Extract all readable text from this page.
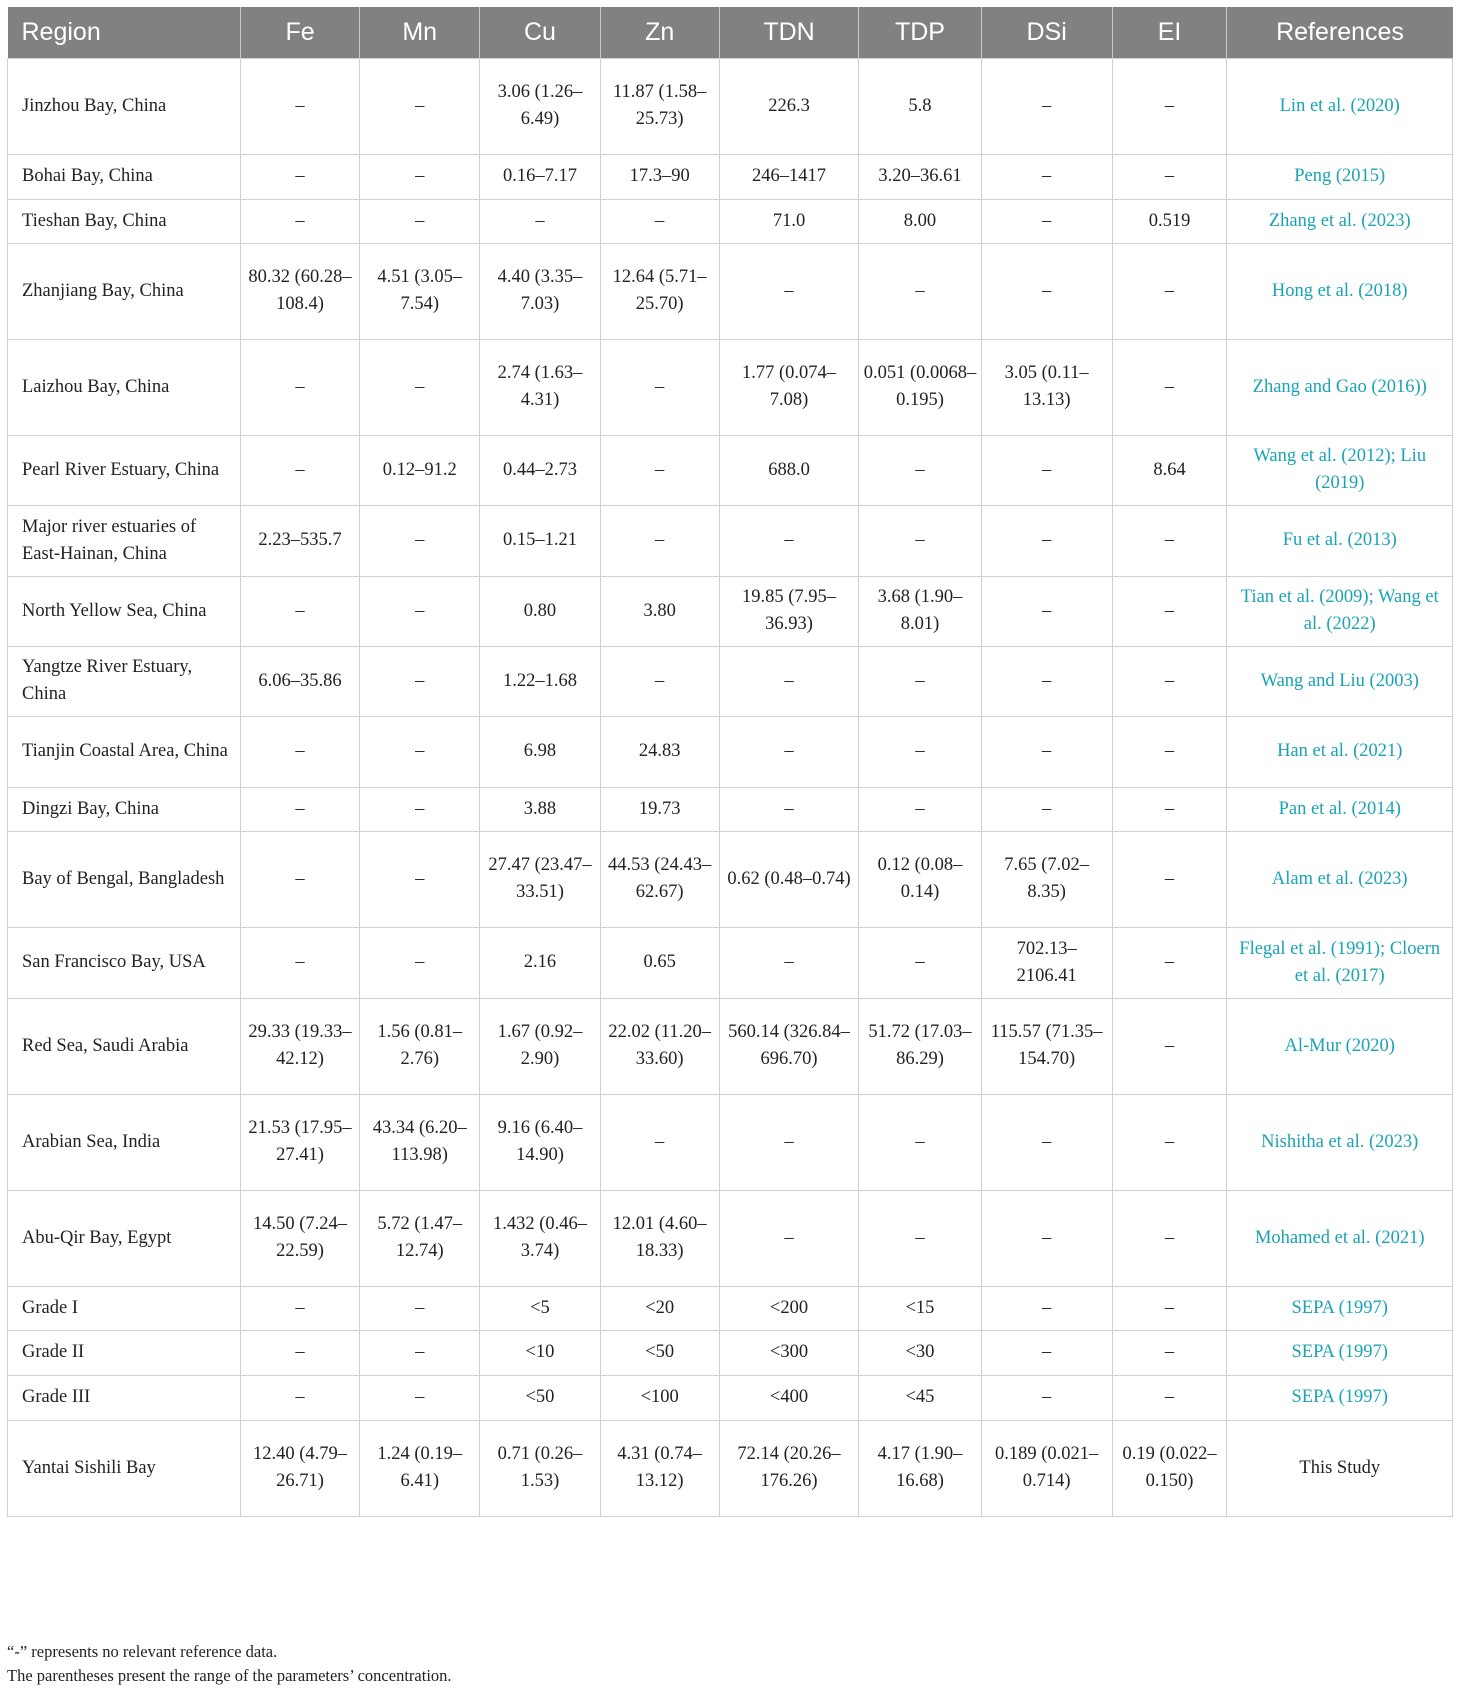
Region	Fe	Mn	Cu	Zn	TDN	TDP	DSi	EI	References
Jinzhou Bay, China	–	–	3.06 (1.26–6.49)	11.87 (1.58– 25.73)	226.3	5.8	–	–	Lin et al. (2020)
Bohai Bay, China	–	–	0.16–7.17	17.3–90	246–1417	3.20–36.61	–	–	Peng (2015)
Tieshan Bay, China	–	–	–	–	71.0	8.00	–	0.519	Zhang et al. (2023)
Zhanjiang Bay, China	80.32 (60.28– 108.4)	4.51 (3.05–7.54)	4.40 (3.35–7.03)	12.64 (5.71– 25.70)	–	–	–	–	Hong et al. (2018)
Laizhou Bay, China	–	–	2.74 (1.63–4.31)	–	1.77 (0.074–7.08)	0.051 (0.0068– 0.195)	3.05 (0.11–13.13)	–	Zhang and Gao (2016))
Pearl River Estuary, China	–	0.12–91.2	0.44–2.73	–	688.0	–	–	8.64	Wang et al. (2012); Liu (2019)
Major river estuaries of East-Hainan, China	2.23–535.7	–	0.15–1.21	–	–	–	–	–	Fu et al. (2013)
North Yellow Sea, China	–	–	0.80	3.80	19.85 (7.95–36.93)	3.68 (1.90–8.01)	–	–	Tian et al. (2009); Wang et al. (2022)
Yangtze River Estuary, China	6.06–35.86	–	1.22–1.68	–	–	–	–	–	Wang and Liu (2003)
Tianjin Coastal Area, China	–	–	6.98	24.83	–	–	–	–	Han et al. (2021)
Dingzi Bay, China	–	–	3.88	19.73	–	–	–	–	Pan et al. (2014)
Bay of Bengal, Bangladesh	–	–	27.47 (23.47– 33.51)	44.53 (24.43– 62.67)	0.62 (0.48–0.74)	0.12 (0.08–0.14)	7.65 (7.02–8.35)	–	Alam et al. (2023)
San Francisco Bay, USA	–	–	2.16	0.65	–	–	702.13– 2106.41	–	Flegal et al. (1991); Cloern et al. (2017)
Red Sea, Saudi Arabia	29.33 (19.33– 42.12)	1.56 (0.81–2.76)	1.67 (0.92–2.90)	22.02 (11.20– 33.60)	560.14 (326.84– 696.70)	51.72 (17.03– 86.29)	115.57 (71.35– 154.70)	–	Al-Mur (2020)
Arabian Sea, India	21.53 (17.95– 27.41)	43.34 (6.20– 113.98)	9.16 (6.40– 14.90)	–	–	–	–	–	Nishitha et al. (2023)
Abu-Qir Bay, Egypt	14.50 (7.24– 22.59)	5.72 (1.47– 12.74)	1.432 (0.46–3.74)	12.01 (4.60– 18.33)	–	–	–	–	Mohamed et al. (2021)
Grade I	–	–	<5	<20	<200	<15	–	–	SEPA (1997)
Grade II	–	–	<10	<50	<300	<30	–	–	SEPA (1997)
Grade III	–	–	<50	<100	<400	<45	–	–	SEPA (1997)
Yantai Sishili Bay	12.40 (4.79– 26.71)	1.24 (0.19–6.41)	0.71 (0.26–1.53)	4.31 (0.74– 13.12)	72.14 (20.26– 176.26)	4.17 (1.90– 16.68)	0.189 (0.021– 0.714)	0.19 (0.022– 0.150)	This Study
“-” represents no relevant reference data.
The parentheses present the range of the parameters’ concentration.
